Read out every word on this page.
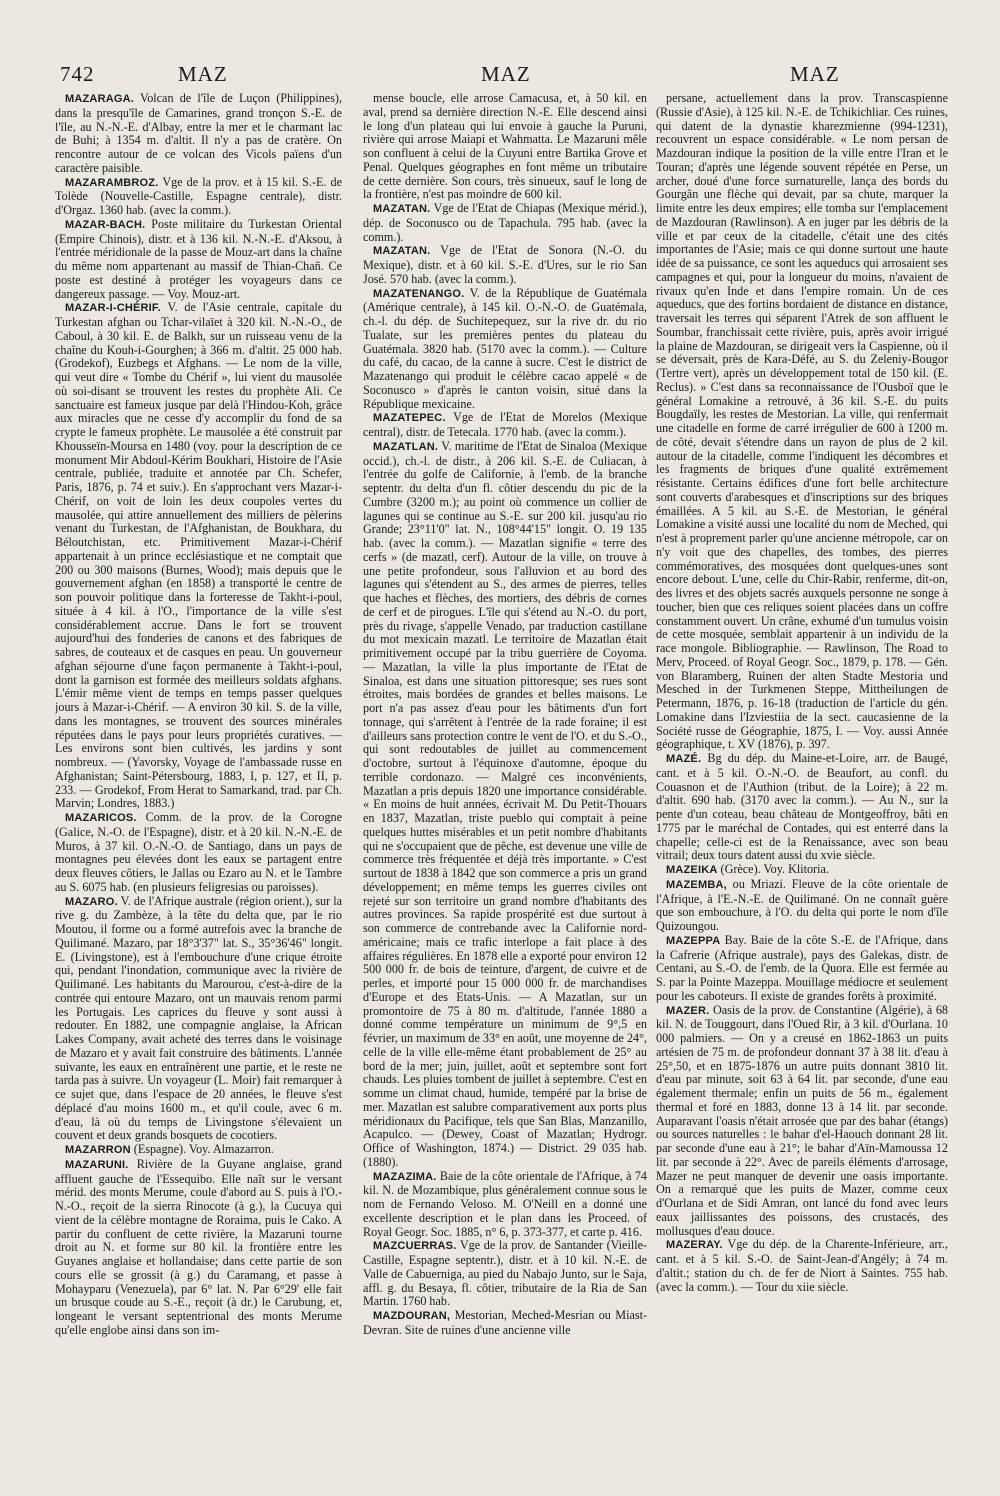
742	MAZ	MAZ	MAZ

MAZARAGA. Volcan de l'île de Luçon (Philippines), dans la presqu'île de Camarines, grand tronçon S.-E. de l'île, au N.-N.-E. d'Albay, entre la mer et le charmant lac de Buhi; à 1354 m. d'altit. Il n'y a pas de cratère. On rencontre autour de ce volcan des Vicols païens d'un caractère paisible.

MAZARAMBROZ. Vge de la prov. et à 15 kil. S.-E. de Tolède (Nouvelle-Castille, Espagne centrale), distr. d'Orgaz. 1360 hab. (avec la comm.).

MAZAR-BACH. Poste militaire du Turkestan Oriental (Empire Chinois), distr. et à 136 kil. N.-N.-E. d'Aksou, à l'entrée méridionale de la passe de Mouz-art dans la chaîne du même nom appartenant au massif de Thian-Chañ. Ce poste est destiné à protéger les voyageurs dans ce dangereux passage. — Voy. Mouz-art.

MAZAR-I-CHÉRIF. V. de l'Asie centrale, capitale du Turkestan afghan ou Tchar-vilaïet à 320 kil. N.-N.-O., de Caboul, à 30 kil. E. de Balkh, sur un ruisseau venu de la chaîne du Kouh-i-Gourghen; à 366 m. d'altit. 25 000 hab. (Grodekof), Euzbegs et Afghans. — Le nom de la ville, qui veut dire « Tombe du Chérif », lui vient du mausolée où soi-disant se trouvent les restes du prophète Ali. Ce sanctuaire est fameux jusque par delà l'Hindou-Koh, grâce aux miracles que ne cesse d'y accomplir du fond de sa crypte le fameux prophète. Le mausolée a été construit par Khousseïn-Moursa en 1480 (voy. pour la description de ce monument Mir Abdoul-Kérim Boukhari, Histoire de l'Asie centrale, publiée, traduite et annotée par Ch. Schefer, Paris, 1876, p. 74 et suiv.). En s'approchant vers Mazar-i-Chérif, on voit de loin les deux coupoles vertes du mausolée, qui attire annuellement des milliers de pèlerins venant du Turkestan, de l'Afghanistan, de Boukhara, du Béloutchistan, etc. Primitivement Mazar-i-Chérif appartenait à un prince ecclésiastique et ne comptait que 200 ou 300 maisons (Burnes, Wood); mais depuis que le gouvernement afghan (en 1858) a transporté le centre de son pouvoir politique dans la forteresse de Takht-i-poul, située à 4 kil. à l'O., l'importance de la ville s'est considérablement accrue. Dans le fort se trouvent aujourd'hui des fonderies de canons et des fabriques de sabres, de couteaux et de casques en peau. Un gouverneur afghan séjourne d'une façon permanente à Takht-i-poul, dont la garnison est formée des meilleurs soldats afghans. L'émir même vient de temps en temps passer quelques jours à Mazar-i-Chérif. — A environ 30 kil. S. de la ville, dans les montagnes, se trouvent des sources minérales réputées dans le pays pour leurs propriétés curatives. — Les environs sont bien cultivés, les jardins y sont nombreux. — (Yavorsky, Voyage de l'ambassade russe en Afghanistan; Saint-Pétersbourg, 1883, I, p. 127, et II, p. 233. — Grodekof, From Herat to Samarkand, trad. par Ch. Marvin; Londres, 1883.)

MAZARICOS. Comm. de la prov. de la Corogne (Galice, N.-O. de l'Espagne), distr. et à 20 kil. N.-N.-E. de Muros, à 37 kil. O.-N.-O. de Santiago, dans un pays de montagnes peu élevées dont les eaux se partagent entre deux fleuves côtiers, le Jallas ou Ezaro au N. et le Tambre au S. 6075 hab. (en plusieurs feligresias ou paroisses).

MAZARO. V. de l'Afrique australe (région orient.), sur la rive g. du Zambèze, à la tête du delta que, par le rio Moutou, il forme ou a formé autrefois avec la branche de Quilimané. Mazaro, par 18°3'37" lat. S., 35°36'46" longit. E. (Livingstone), est à l'embouchure d'une crique étroite qui, pendant l'inondation, communique avec la rivière de Quilimané. Les habitants du Marourou, c'est-à-dire de la contrée qui entoure Mazaro, ont un mauvais renom parmi les Portugais. Les caprices du fleuve y sont aussi à redouter. En 1882, une compagnie anglaise, la African Lakes Company, avait acheté des terres dans le voisinage de Mazaro et y avait fait construire des bâtiments. L'année suivante, les eaux en entraînèrent une partie, et le reste ne tarda pas à suivre. Un voyageur (L. Moir) fait remarquer à ce sujet que, dans l'espace de 20 années, le fleuve s'est déplacé d'au moins 1600 m., et qu'il coule, avec 6 m. d'eau, là où du temps de Livingstone s'élevaient un couvent et deux grands bosquets de cocotiers.

MAZARRON (Espagne). Voy. Almazarron.

MAZARUNI. Rivière de la Guyane anglaise, grand affluent gauche de l'Essequibo. Elle naît sur le versant mérid. des monts Merume, coule d'abord au S. puis à l'O.-N.-O., reçoit de la sierra Rinocote (à g.), la Cucuya qui vient de la célèbre montagne de Roraima, puis le Cako. A partir du confluent de cette rivière, la Mazaruni tourne droit au N. et forme sur 80 kil. la frontière entre les Guyanes anglaise et hollandaise; dans cette partie de son cours elle se grossit (à g.) du Caramang, et passe à Mohayparu (Venezuela), par 6° lat. N. Par 6°29' elle fait un brusque coude au S.-E., reçoit (à dr.) le Carubung, et, longeant le versant septentrional des monts Merume qu'elle englobe ainsi dans son im-

mense boucle, elle arrose Camacusa, et, à 50 kil. en aval, prend sa dernière direction N.-E. Elle descend ainsi le long d'un plateau qui lui envoie à gauche la Puruni, rivière qui arrose Maiapi et Wahmatta. Le Mazaruni mêle son confluent à celui de la Cuyuni entre Bartika Grove et Penal. Quelques géographes en font même un tributaire de cette dernière. Son cours, très sinueux, sauf le long de la frontière, n'est pas moindre de 600 kil.

MAZATAN. Vge de l'Etat de Chiapas (Mexique mérid.), dép. de Soconusco ou de Tapachula. 795 hab. (avec la comm.).

MAZATAN. Vge de l'Etat de Sonora (N.-O. du Mexique), distr. et à 60 kil. S.-E. d'Ures, sur le rio San José. 570 hab. (avec la comm.).

MAZATENANGO. V. de la République de Guatémala (Amérique centrale), à 145 kil. O.-N.-O. de Guatémala, ch.-l. du dép. de Suchitepequez, sur la rive dr. du rio Tualate, sur les premières pentes du plateau du Guatémala. 3820 hab. (5170 avec la comm.). — Culture du café, du cacao, de la canne à sucre. C'est le district de Mazatenango qui produit le célèbre cacao appelé « de Soconusco » d'après le canton voisin, situé dans la République mexicaine.

MAZATEPEC. Vge de l'Etat de Morelos (Mexique central), distr. de Tetecala. 1770 hab. (avec la comm.).

MAZATLAN. V. maritime de l'Etat de Sinaloa (Mexique occid.), ch.-l. de distr., à 206 kil. S.-E. de Culiacan, à l'entrée du golfe de Californie, à l'emb. de la branche septentr. du delta d'un fl. côtier descendu du pic de la Cumbre (3200 m.); au point où commence un collier de lagunes qui se continue au S.-E. sur 200 kil. jusqu'au rio Grande; 23°11'0" lat. N., 108°44'15" longit. O. 19 135 hab. (avec la comm.). — Mazatlan signifie « terre des cerfs » (de mazatl, cerf). Autour de la ville, on trouve à une petite profondeur, sous l'alluvion et au bord des lagunes qui s'étendent au S., des armes de pierres, telles que haches et flèches, des mortiers, des débris de cornes de cerf et de pirogues. L'île qui s'étend au N.-O. du port, près du rivage, s'appelle Venado, par traduction castillane du mot mexicain mazatl. Le territoire de Mazatlan était primitivement occupé par la tribu guerrière de Coyoma. — Mazatlan, la ville la plus importante de l'Etat de Sinaloa, est dans une situation pittoresque; ses rues sont étroites, mais bordées de grandes et belles maisons. Le port n'a pas assez d'eau pour les bâtiments d'un fort tonnage, qui s'arrêtent à l'entrée de la rade foraine; il est d'ailleurs sans protection contre le vent de l'O. et du S.-O., qui sont redoutables de juillet au commencement d'octobre, surtout à l'équinoxe d'automne, époque du terrible cordonazo. — Malgré ces inconvénients, Mazatlan a pris depuis 1820 une importance considérable. « En moins de huit années, écrivait M. Du Petit-Thouars en 1837, Mazatlan, triste pueblo qui comptait à peine quelques huttes misérables et un petit nombre d'habitants qui ne s'occupaient que de pêche, est devenue une ville de commerce très fréquentée et déjà très importante. » C'est surtout de 1838 à 1842 que son commerce a pris un grand développement; en même temps les guerres civiles ont rejeté sur son territoire un grand nombre d'habitants des autres provinces. Sa rapide prospérité est due surtout à son commerce de contrebande avec la Californie nord-américaine; mais ce trafic interlope a fait place à des affaires régulières. En 1878 elle a exporté pour environ 12 500 000 fr. de bois de teinture, d'argent, de cuivre et de perles, et importé pour 15 000 000 fr. de marchandises d'Europe et des Etats-Unis. — A Mazatlan, sur un promontoire de 75 à 80 m. d'altitude, l'année 1880 a donné comme température un minimum de 9°,5 en février, un maximum de 33° en août, une moyenne de 24°, celle de la ville elle-même étant probablement de 25° au bord de la mer; juin, juillet, août et septembre sont fort chauds. Les pluies tombent de juillet à septembre. C'est en somme un climat chaud, humide, tempéré par la brise de mer. Mazatlan est salubre comparativement aux ports plus méridionaux du Pacifique, tels que San Blas, Manzanillo, Acapulco. — (Dewey, Coast of Mazatlan; Hydrogr. Office of Washington, 1874.) — District. 29 035 hab. (1880).

MAZAZIMA. Baie de la côte orientale de l'Afrique, à 74 kil. N. de Mozambique, plus généralement connue sous le nom de Fernando Veloso. M. O'Neill en a donné une excellente description et le plan dans les Proceed. of Royal Geogr. Soc. 1885, n° 6, p. 373-377, et carte p. 416.

MAZCUERRAS. Vge de la prov. de Santander (Vieille-Castille, Espagne septentr.), distr. et à 10 kil. N.-E. de Valle de Cabuerniga, au pied du Nabajo Junto, sur le Saja, affl. g. du Besaya, fl. côtier, tributaire de la Ria de San Martin. 1760 hab.

MAZDOURAN, Mestorian, Meched-Mesrian ou Miast-Devran. Site de ruines d'une ancienne ville

persane, actuellement dans la prov. Transcaspienne (Russie d'Asie), à 125 kil. N.-E. de Tchikichliar. Ces ruines, qui datent de la dynastie kharezmienne (994-1231), recouvrent un espace considérable. « Le nom persan de Mazdouran indique la position de la ville entre l'Iran et le Touran; d'après une légende souvent répétée en Perse, un archer, doué d'une force surnaturelle, lança des bords du Gourgân une flèche qui devait, par sa chute, marquer la limite entre les deux empires; elle tomba sur l'emplacement de Mazdouran (Rawlinson). A en juger par les débris de la ville et par ceux de la citadelle, c'était une des cités importantes de l'Asie; mais ce qui donne surtout une haute idée de sa puissance, ce sont les aqueducs qui arrosaient ses campagnes et qui, pour la longueur du moins, n'avaient de rivaux qu'en Inde et dans l'empire romain. Un de ces aqueducs, que des fortins bordaient de distance en distance, traversait les terres qui séparent l'Atrek de son affluent le Soumbar, franchissait cette rivière, puis, après avoir irrigué la plaine de Mazdouran, se dirigeait vers la Caspienne, où il se déversait, près de Kara-Défé, au S. du Zeleniy-Bougor (Tertre vert), après un développement total de 150 kil. (E. Reclus). » C'est dans sa reconnaissance de l'Ousboï que le général Lomakine a retrouvé, à 36 kil. S.-E. du puits Bougdaïly, les restes de Mestorian. La ville, qui renfermait une citadelle en forme de carré irrégulier de 600 à 1200 m. de côté, devait s'étendre dans un rayon de plus de 2 kil. autour de la citadelle, comme l'indiquent les décombres et les fragments de briques d'une qualité extrêmement résistante. Certains édifices d'une fort belle architecture sont couverts d'arabesques et d'inscriptions sur des briques émaillées. A 5 kil. au S.-E. de Mestorian, le général Lomakine a visité aussi une localité du nom de Meched, qui n'est à proprement parler qu'une ancienne métropole, car on n'y voit que des chapelles, des tombes, des pierres commémoratives, des mosquées dont quelques-unes sont encore debout. L'une, celle du Chir-Rabir, renferme, dit-on, des livres et des objets sacrés auxquels personne ne songe à toucher, bien que ces reliques soient placées dans un coffre constamment ouvert. Un crâne, exhumé d'un tumulus voisin de cette mosquée, semblait appartenir à un individu de la race mongole. Bibliographie. — Rawlinson, The Road to Merv, Proceed. of Royal Geogr. Soc., 1879, p. 178. — Gén. von Blaramberg, Ruinen der alten Stadte Mestoria und Mesched in der Turkmenen Steppe, Mittheilungen de Petermann, 1876, p. 16-18 (traduction de l'article du gén. Lomakine dans l'Izviestiia de la sect. caucasienne de la Société russe de Géographie, 1875, I. — Voy. aussi Année géographique, t. XV (1876), p. 397.

MAZÉ. Bg du dép. du Maine-et-Loire, arr. de Baugé, cant. et à 5 kil. O.-N.-O. de Beaufort, au confl. du Couasnon et de l'Authion (tribut. de la Loire); à 22 m. d'altit. 690 hab. (3170 avec la comm.). — Au N., sur la pente d'un coteau, beau château de Montgeoffroy, bâti en 1775 par le maréchal de Contades, qui est enterré dans la chapelle; celle-ci est de la Renaissance, avec son beau vitrail; deux tours datent aussi du xvie siècle.

MAZEIKA (Grèce). Voy. Klitoria.

MAZEMBA, ou Mriazi. Fleuve de la côte orientale de l'Afrique, à l'E.-N.-E. de Quilimané. On ne connaît guère que son embouchure, à l'O. du delta qui porte le nom d'île Quizoungou.

MAZEPPA Bay. Baie de la côte S.-E. de l'Afrique, dans la Cafrerie (Afrique australe), pays des Galekas, distr. de Centani, au S.-O. de l'emb. de la Quora. Elle est fermée au S. par la Pointe Mazeppa. Mouillage médiocre et seulement pour les caboteurs. Il existe de grandes forêts à proximité.

MAZER. Oasis de la prov. de Constantine (Algérie), à 68 kil. N. de Touggourt, dans l'Oued Rir, à 3 kil. d'Ourlana. 10 000 palmiers. — On y a creusé en 1862-1863 un puits artésien de 75 m. de profondeur donnant 37 à 38 lit. d'eau à 25°,50, et en 1875-1876 un autre puits donnant 3810 lit. d'eau par minute, soit 63 à 64 lit. par seconde, d'une eau également thermale; enfin un puits de 56 m., également thermal et foré en 1883, donne 13 à 14 lit. par seconde. Auparavant l'oasis n'était arrosée que par des bahar (étangs) ou sources naturelles : le bahar d'el-Haouch donnant 28 lit. par seconde d'une eau à 21°; le bahar d'Aïn-Mamoussa 12 lit. par seconde à 22°. Avec de pareils éléments d'arrosage, Mazer ne peut manquer de devenir une oasis importante. On a remarqué que les puits de Mazer, comme ceux d'Ourlana et de Sidi Amran, ont lancé du fond avec leurs eaux jaillissantes des poissons, des crustacés, des mollusques d'eau douce.

MAZERAY. Vge du dép. de la Charente-Inférieure, arr., cant. et à 5 kil. S.-O. de Saint-Jean-d'Angély; à 74 m. d'altit.; station du ch. de fer de Niort à Saintes. 755 hab. (avec la comm.). — Tour du xiie siècle.
